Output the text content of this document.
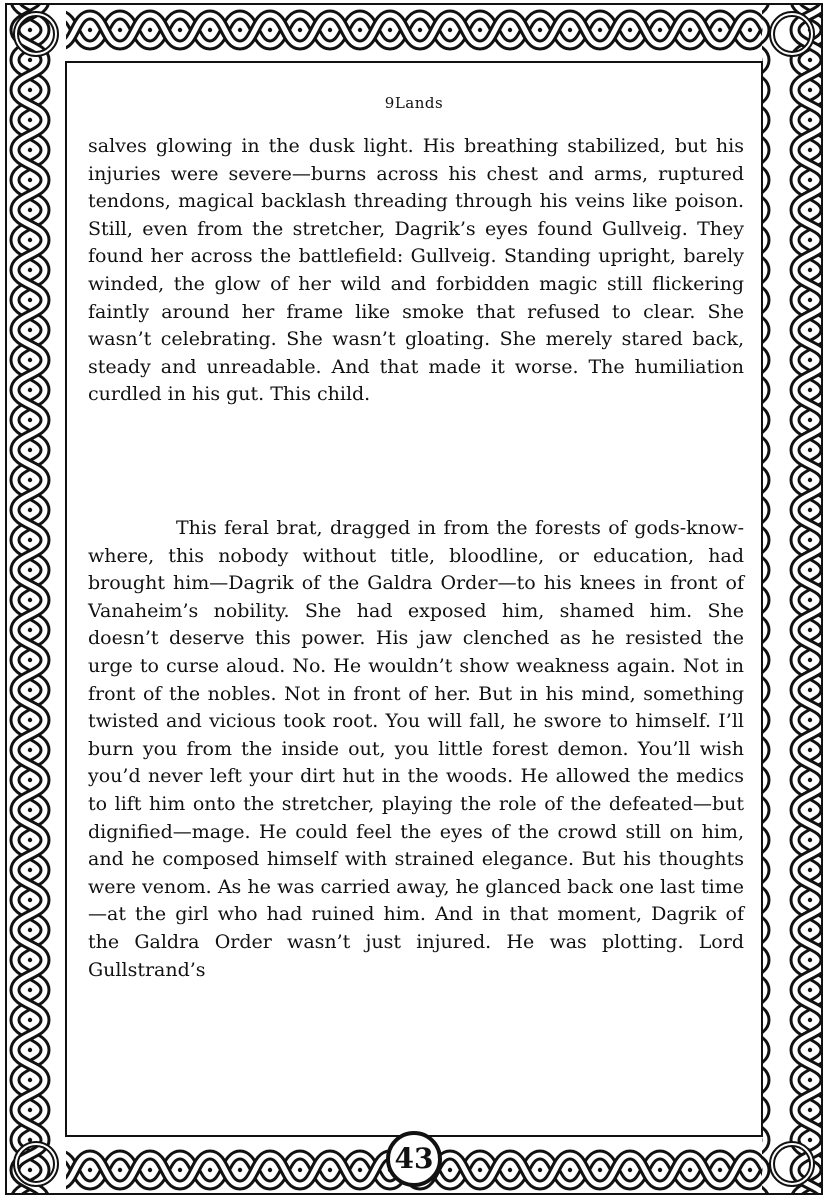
9Lands
salves glowing in the dusk light. His breathing stabilized, but his injuries were severe—burns across his chest and arms, ruptured tendons, magical backlash threading through his veins like poison. Still, even from the stretcher, Dagrik’s eyes found Gullveig. They found her across the battlefield: Gullveig. Standing upright, barely winded, the glow of her wild and forbidden magic still flickering faintly around her frame like smoke that refused to clear. She wasn’t celebrating. She wasn’t gloating. She merely stared back, steady and unreadable. And that made it worse. The humiliation curdled in his gut. This child.
This feral brat, dragged in from the forests of gods-know-where, this nobody without title, bloodline, or education, had brought him—Dagrik of the Galdra Order—to his knees in front of Vanaheim’s nobility. She had exposed him, shamed him. She doesn’t deserve this power. His jaw clenched as he resisted the urge to curse aloud. No. He wouldn’t show weakness again. Not in front of the nobles. Not in front of her. But in his mind, something twisted and vicious took root. You will fall, he swore to himself. I’ll burn you from the inside out, you little forest demon. You’ll wish you’d never left your dirt hut in the woods. He allowed the medics to lift him onto the stretcher, playing the role of the defeated—but dignified—mage. He could feel the eyes of the crowd still on him, and he composed himself with strained elegance. But his thoughts were venom. As he was carried away, he glanced back one last time—at the girl who had ruined him. And in that moment, Dagrik of the Galdra Order wasn’t just injured. He was plotting. Lord Gullstrand’s
43
